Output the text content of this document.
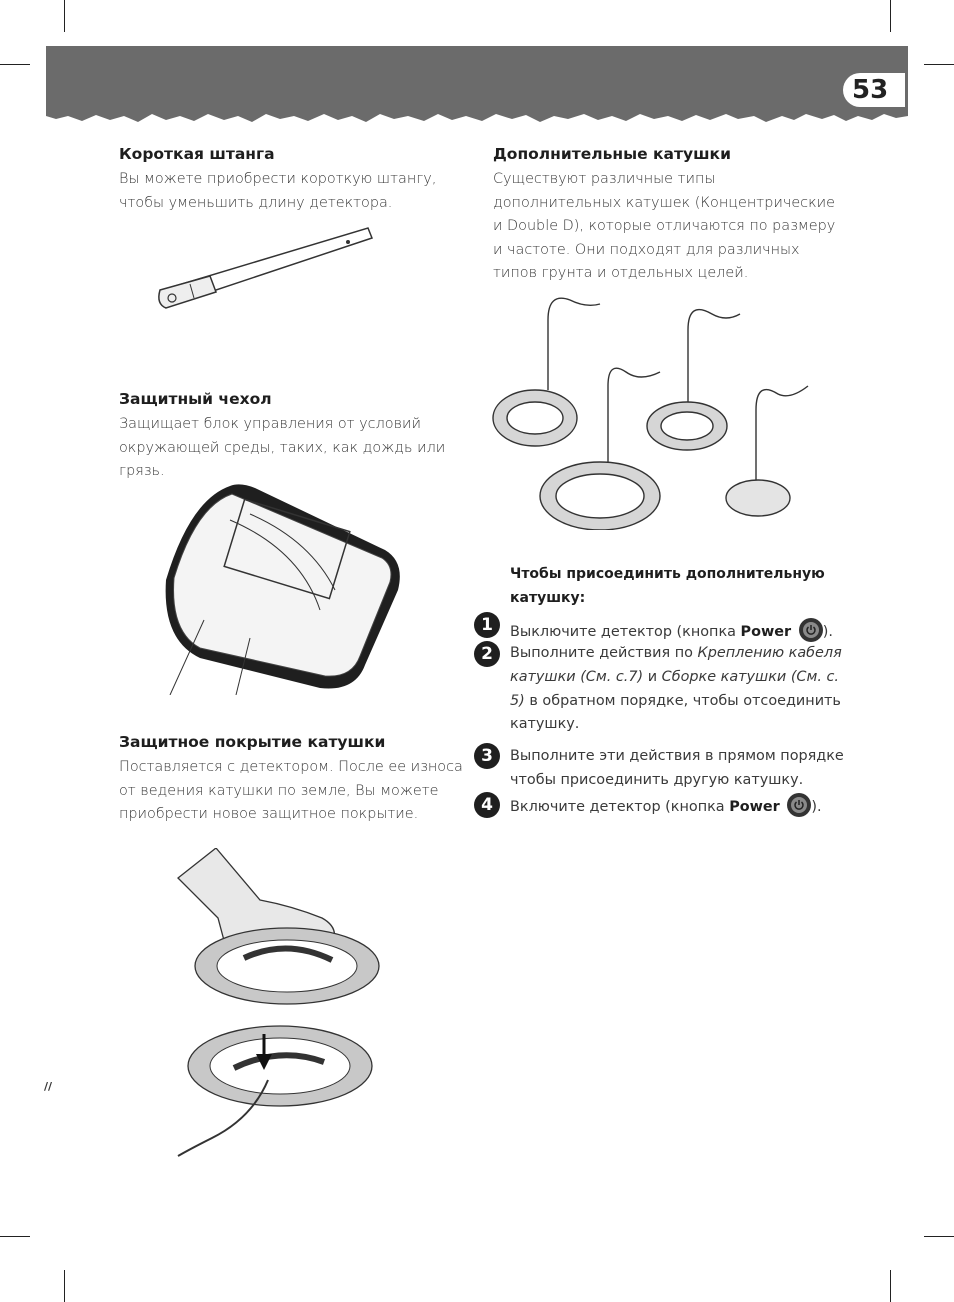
53
Короткая штанга

Вы можете приобрести короткую штангу, чтобы уменьшить длину детектора.

Защитный чехол

Защищает блок управления от условий окружающей среды, таких, как дождь или грязь.

Защитное покрытие катушки

Поставляется с детектором. После ее износа от ведения катушки по земле, Вы можете приобрести новое защитное покрытие.

//
Дополнительные катушки

Существуют различные типы дополнительных катушек (Концентрические и Double D), которые отличаются по размеру и частоте. Они подходят для различных типов грунта и отдельных целей.

Чтобы присоединить дополнительную катушку:

1	Выключите детектор (кнопка Power ).
2	Выполните действия по Креплению кабеля катушки (См. с.7) и Сборке катушки (См. с. 5) в обратном порядке, чтобы отсоединить катушку.
3	Выполните эти действия в прямом порядке чтобы присоединить другую катушку.
4	Включите детектор (кнопка Power ).
